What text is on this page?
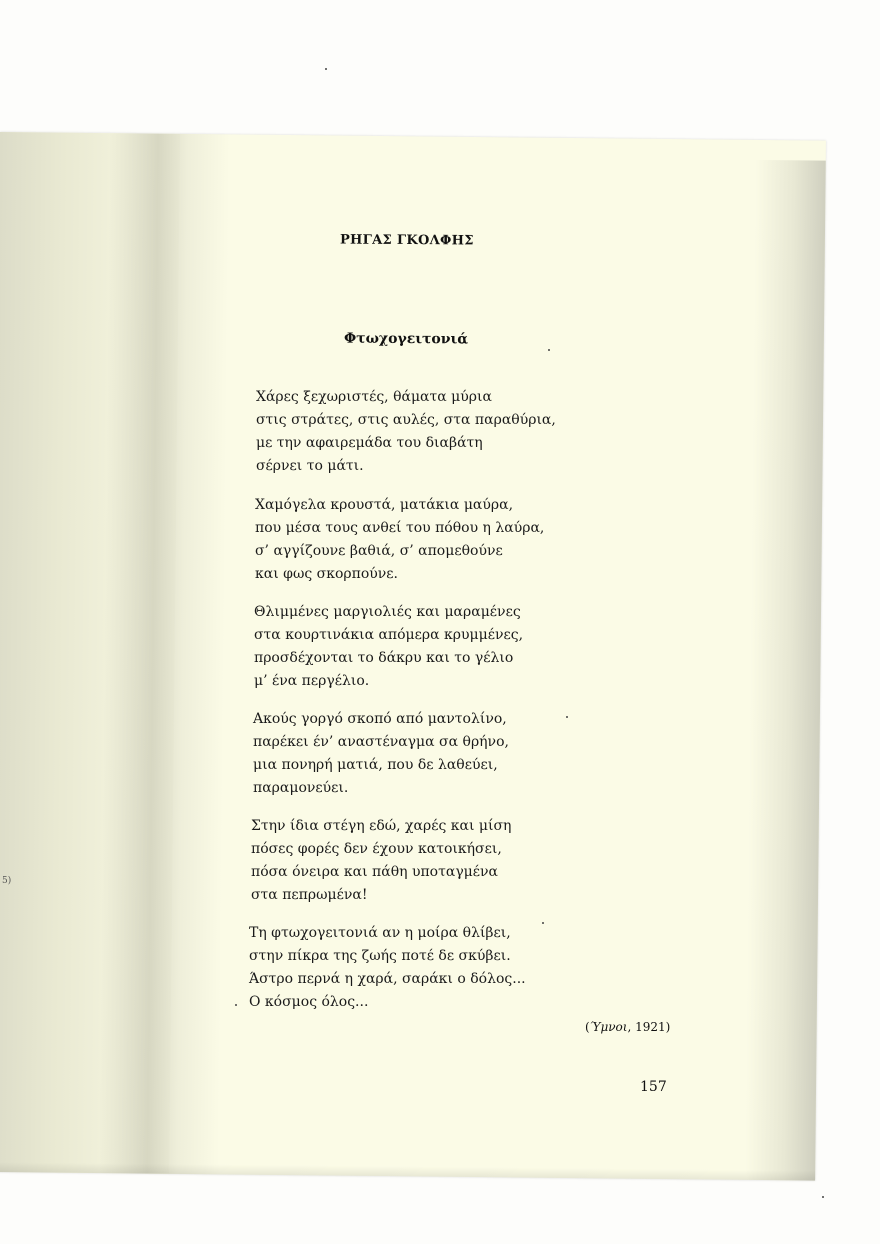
5)
ΡΗΓΑΣ ΓΚΟΛΦΗΣ
Φτωχογειτονιά
Χάρες ξεχωριστές, θάματα μύρια
στις στράτες, στις αυλές, στα παραθύρια,
με την αφαιρεμάδα του διαβάτη
σέρνει το μάτι.
Χαμόγελα κρουστά, ματάκια μαύρα,
που μέσα τους ανθεί του πόθου η λαύρα,
σ’ αγγίζουνε βαθιά, σ’ απομεθούνε
και φως σκορπούνε.
Θλιμμένες μαργιολιές και μαραμένες
στα κουρτινάκια απόμερα κρυμμένες,
προσδέχονται το δάκρυ και το γέλιο
μ’ ένα περγέλιο.
Ακούς γοργό σκοπό από μαντολίνο,
παρέκει έν’ αναστέναγμα σα θρήνο,
μια πονηρή ματιά, που δε λαθεύει,
παραμονεύει.
Στην ίδια στέγη εδώ, χαρές και μίση
πόσες φορές δεν έχουν κατοικήσει,
πόσα όνειρα και πάθη υποταγμένα
στα πεπρωμένα!
Τη φτωχογειτονιά αν η μοίρα θλίβει,
στην πίκρα της ζωής ποτέ δε σκύβει.
Άστρο περνά η χαρά, σαράκι ο δόλος...
Ο κόσμος όλος...
(Ύμνοι, 1921)
157
